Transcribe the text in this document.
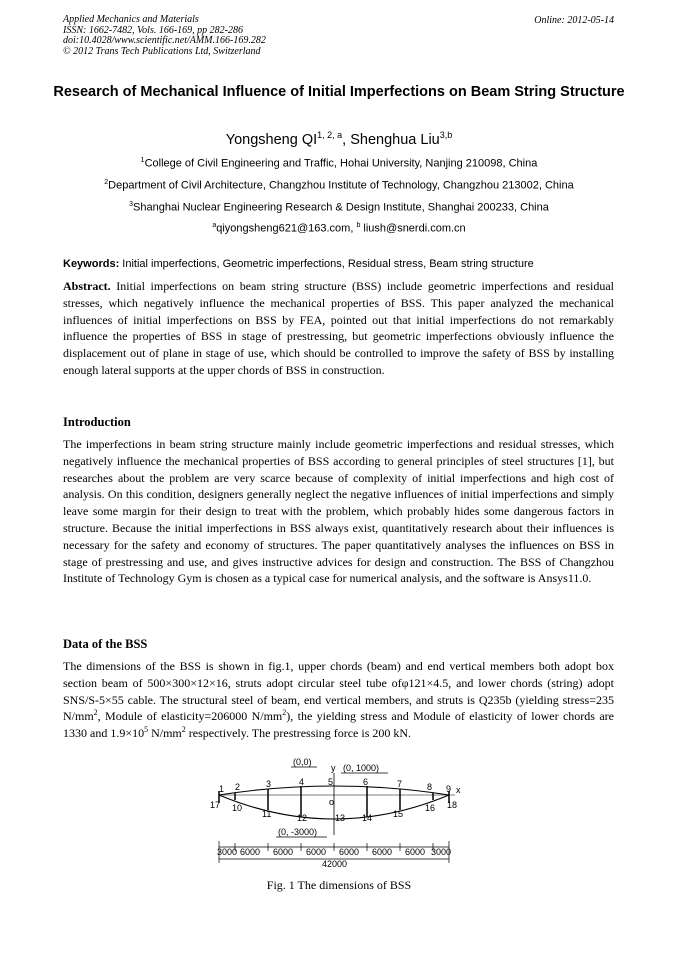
Applied Mechanics and Materials
ISSN: 1662-7482, Vols. 166-169, pp 282-286
doi:10.4028/www.scientific.net/AMM.166-169.282
© 2012 Trans Tech Publications Ltd, Switzerland
Online: 2012-05-14
Research of Mechanical Influence of Initial Imperfections on Beam String Structure
Yongsheng QI$^{1, 2, a}$, Shenghua Liu$^{3,b}$
$^1$College of Civil Engineering and Traffic, Hohai University, Nanjing 210098, China
$^2$Department of Civil Architecture, Changzhou Institute of Technology, Changzhou 213002, China
$^3$Shanghai Nuclear Engineering Research & Design Institute, Shanghai 200233, China
$^a$qiyongsheng621@163.com, $^b$ liush@snerdi.com.cn
Keywords: Initial imperfections, Geometric imperfections, Residual stress, Beam string structure
Abstract. Initial imperfections on beam string structure (BSS) include geometric imperfections and residual stresses, which negatively influence the mechanical properties of BSS. This paper analyzed the mechanical influences of initial imperfections on BSS by FEA, pointed out that initial imperfections do not remarkably influence the properties of BSS in stage of prestressing, but geometric imperfections obviously influence the displacement out of plane in stage of use, which should be controlled to improve the safety of BSS by installing enough lateral supports at the upper chords of BSS in construction.
Introduction
The imperfections in beam string structure mainly include geometric imperfections and residual stresses, which negatively influence the mechanical properties of BSS according to general principles of steel structures [1], but researches about the problem are very scarce because of complexity of initial imperfections and high cost of analysis. On this condition, designers generally neglect the negative influences of initial imperfections and simply leave some margin for their design to treat with the problem, which probably hides some dangerous factors in structure. Because the initial imperfections in BSS always exist, quantitatively research about their influences is necessary for the safety and economy of structures. The paper quantitatively analyses the influences on BSS in stage of prestressing and use, and gives instructive advices for design and construction. The BSS of Changzhou Institute of Technology Gym is chosen as a typical case for numerical analysis, and the software is Ansys11.0.
Data of the BSS
The dimensions of the BSS is shown in fig.1, upper chords (beam) and end vertical members both adopt box section beam of 500×300×12×16, struts adopt circular steel tube ofφ121×4.5, and lower chords (string) adopt SNS/S-5×55 cable. The structural steel of beam, end vertical members, and struts is Q235b (yielding stress=235 $N/mm^2$, Module of elasticity=206000 $N/mm^2$), the yielding stress and Module of elasticity of lower chords are 1330 and $1.9\times 10^5$ $N/mm^2$ respectively. The prestressing force is 200 kN.
(0,0)
y (0, 1000)
x
o
1 2	3	4	5	6	7	8 9
17	18
10
11	12	13 14 15
16
(0, -3000)
3000 6000 6000 6000 6000 6000 6000 3000
42000
Fig. 1 The dimensions of BSS
